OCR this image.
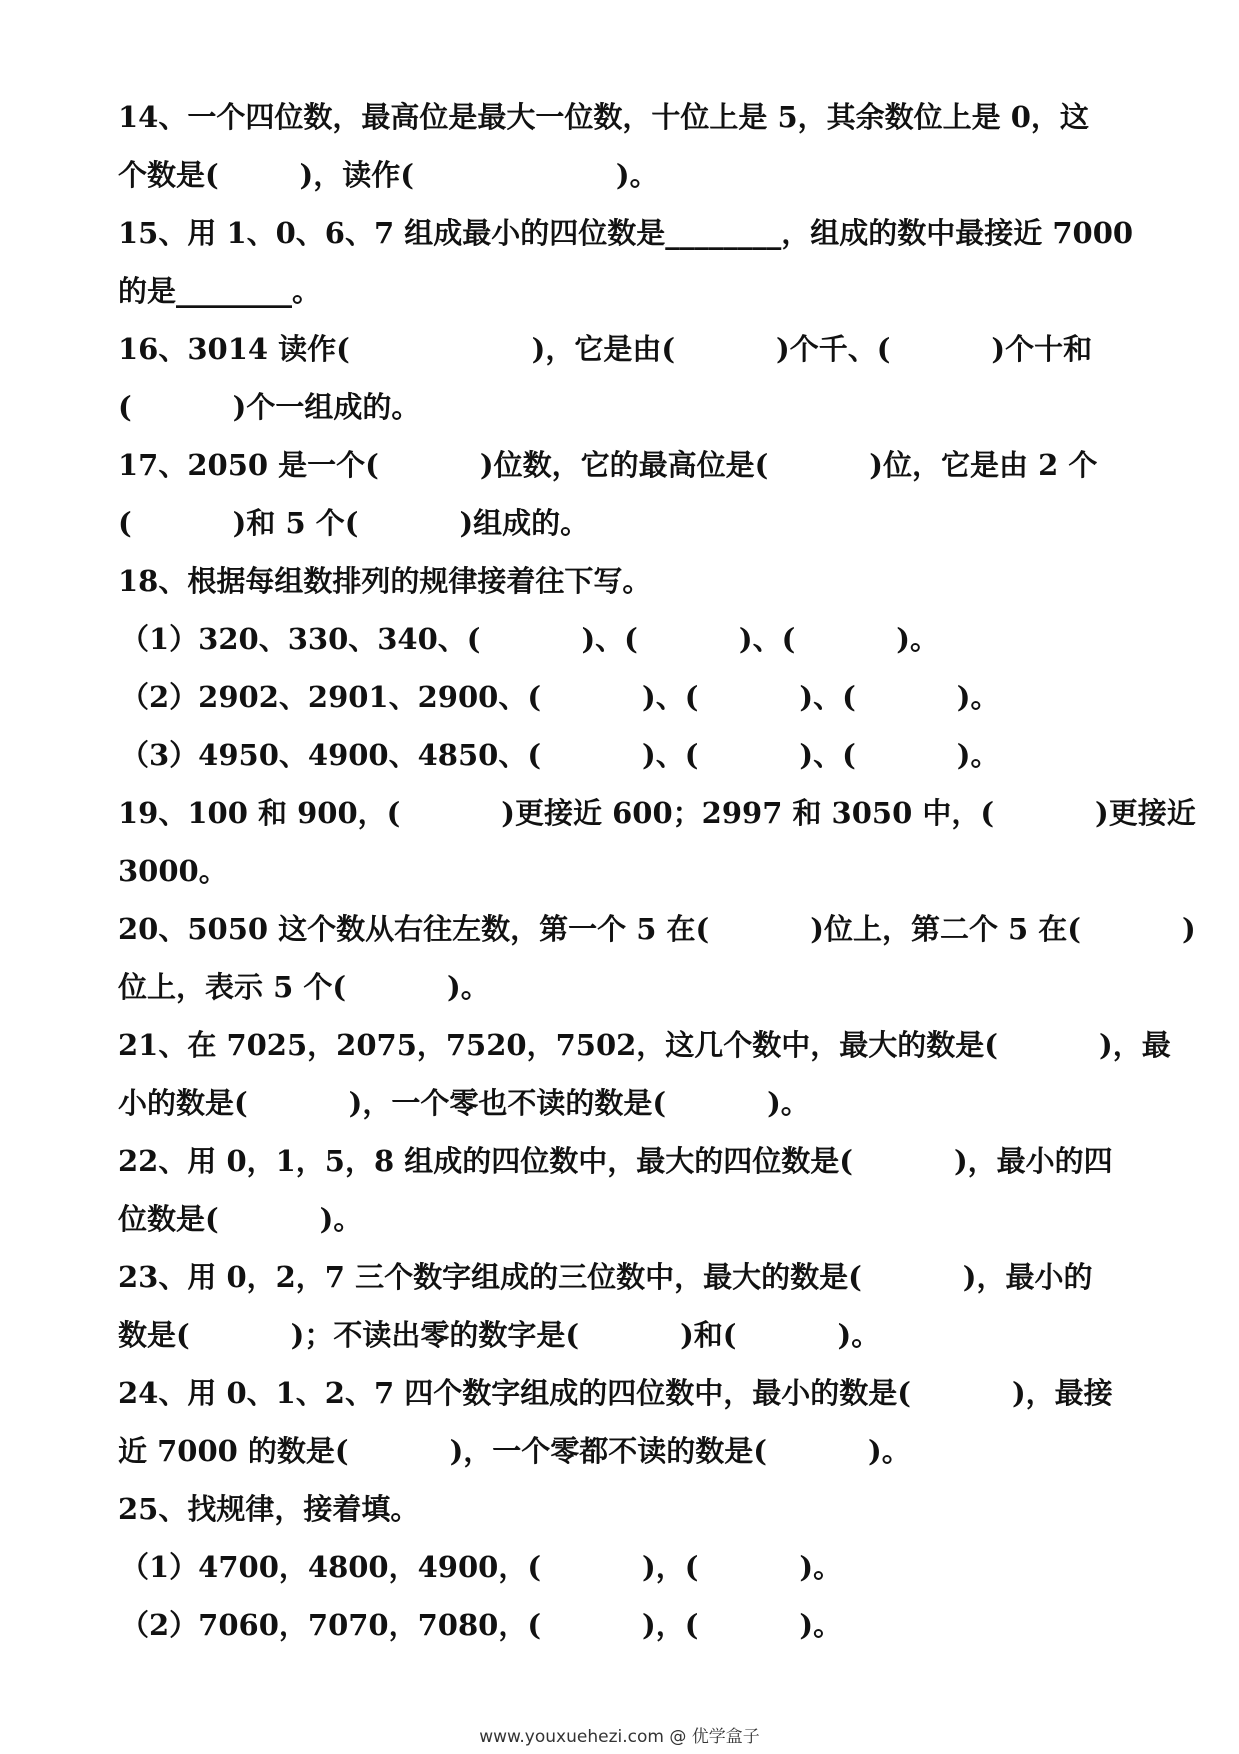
14、一个四位数，最高位是最大一位数，十位上是 5，其余数位上是 0，这
个数是(        )，读作(                    )。
15、用 1、0、6、7 组成最小的四位数是________，组成的数中最接近 7000
的是________。
16、3014 读作(                  )，它是由(          )个千、(          )个十和
(          )个一组成的。
17、2050 是一个(          )位数，它的最高位是(          )位，它是由 2 个
(          )和 5 个(          )组成的。
18、根据每组数排列的规律接着往下写。
（1）320、330、340、(          )、(          )、(          )。
（2）2902、2901、2900、(          )、(          )、(          )。
（3）4950、4900、4850、(          )、(          )、(          )。
19、100 和 900，(          )更接近 600；2997 和 3050 中，(          )更接近
3000。
20、5050 这个数从右往左数，第一个 5 在(          )位上，第二个 5 在(          )
位上，表示 5 个(          )。
21、在 7025，2075，7520，7502，这几个数中，最大的数是(          )，最
小的数是(          )，一个零也不读的数是(          )。
22、用 0，1，5，8 组成的四位数中，最大的四位数是(          )，最小的四
位数是(          )。
23、用 0，2，7 三个数字组成的三位数中，最大的数是(          )，最小的
数是(          )；不读出零的数字是(          )和(          )。
24、用 0、1、2、7 四个数字组成的四位数中，最小的数是(          )，最接
近 7000 的数是(          )，一个零都不读的数是(          )。
25、找规律，接着填。
（1）4700，4800，4900，(          )，(          )。
（2）7060，7070，7080，(          )，(          )。
www.youxuehezi.com @ 优学盒子
